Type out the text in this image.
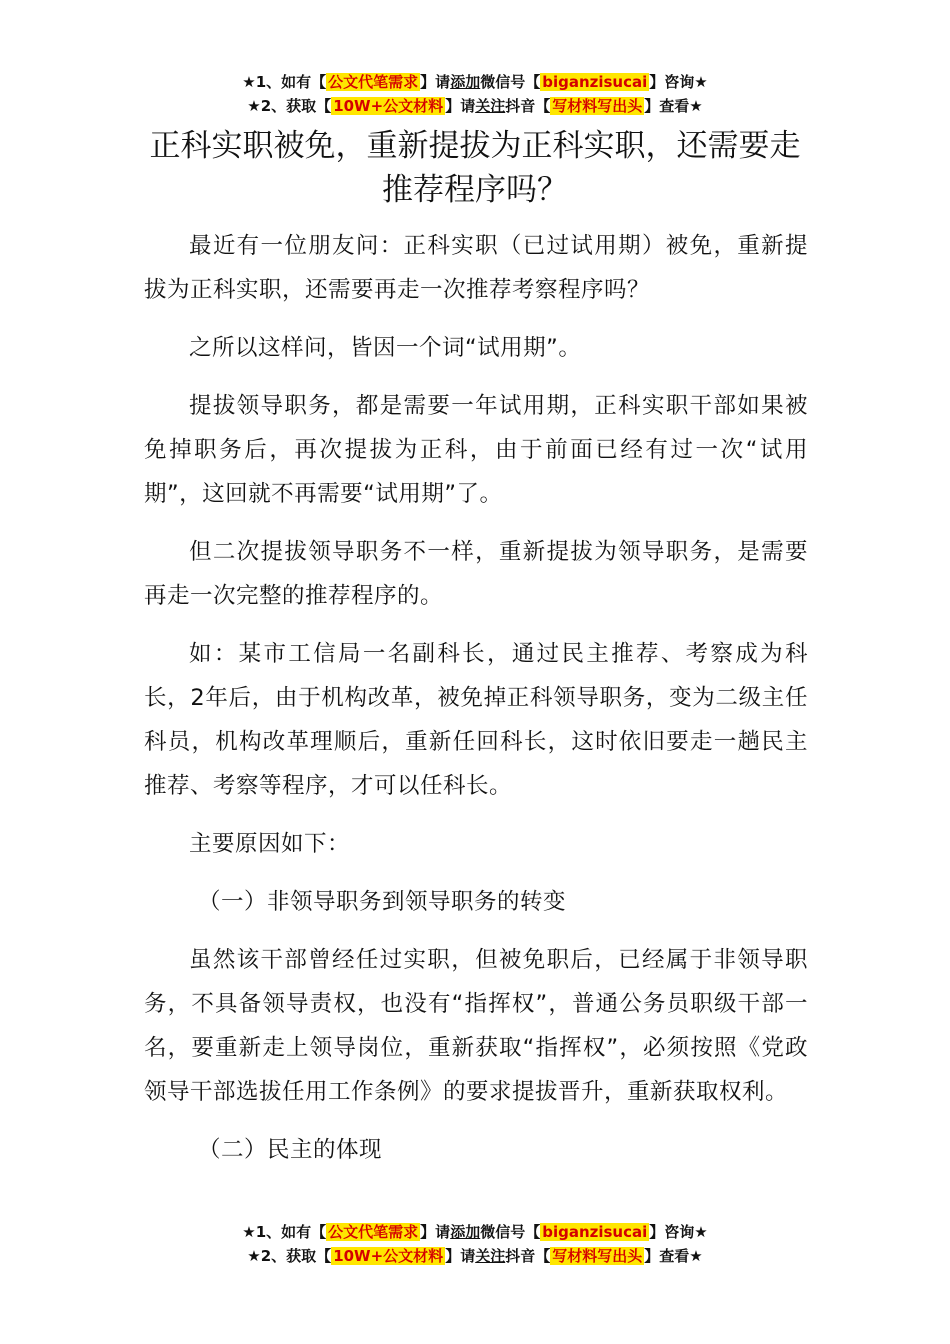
★1、如有【 公文代笔需求 】请添加微信号【 biganzisucai 】咨询★
★2、获取【 10W+公文材料 】请关注抖音【 写材料写出头 】查看★
正科实职被免，重新提拔为正科实职，还需要走推荐程序吗？

最近有一位朋友问：正科实职（已过试用期）被免，重新提拔为正科实职，还需要再走一次推荐考察程序吗？

之所以这样问，皆因一个词“试用期”。

提拔领导职务，都是需要一年试用期，正科实职干部如果被免掉职务后，再次提拔为正科，由于前面已经有过一次“试用期”，这回就不再需要“试用期”了。

但二次提拔领导职务不一样，重新提拔为领导职务，是需要再走一次完整的推荐程序的。

如：某市工信局一名副科长，通过民主推荐、考察成为科长，2年后，由于机构改革，被免掉正科领导职务，变为二级主任科员，机构改革理顺后，重新任回科长，这时依旧要走一趟民主推荐、考察等程序，才可以任科长。

主要原因如下：

（一）非领导职务到领导职务的转变

虽然该干部曾经任过实职，但被免职后，已经属于非领导职务，不具备领导责权，也没有“指挥权”，普通公务员职级干部一名，要重新走上领导岗位，重新获取“指挥权”，必须按照《党政领导干部选拔任用工作条例》的要求提拔晋升，重新获取权利。

（二）民主的体现

★1、如有【 公文代笔需求 】请添加微信号【 biganzisucai 】咨询★
★2、获取【 10W+公文材料 】请关注抖音【 写材料写出头 】查看★
